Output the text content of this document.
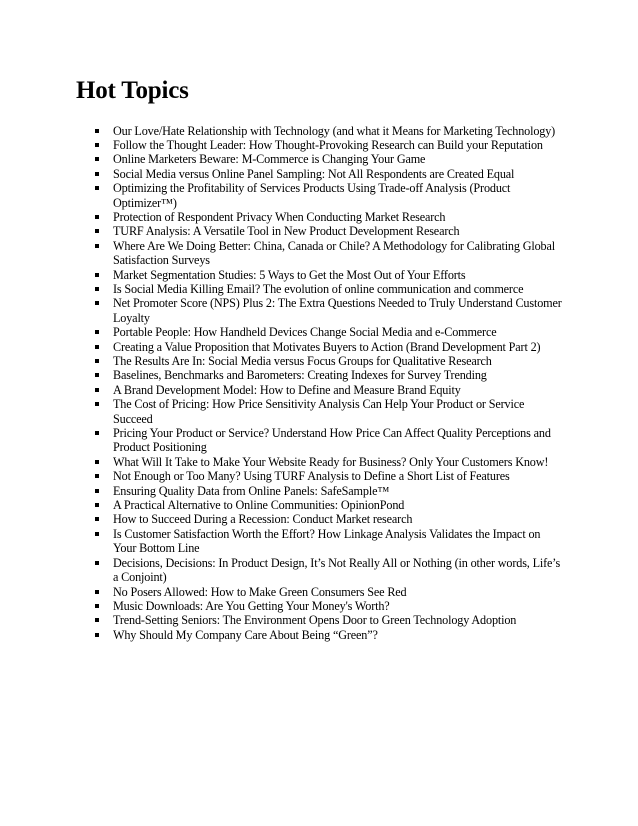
Hot Topics
Our Love/Hate Relationship with Technology (and what it Means for Marketing Technology)
Follow the Thought Leader: How Thought-Provoking Research can Build your Reputation
Online Marketers Beware: M-Commerce is Changing Your Game
Social Media versus Online Panel Sampling: Not All Respondents are Created Equal
Optimizing the Profitability of Services Products Using Trade-off Analysis (Product Optimizer™)
Protection of Respondent Privacy When Conducting Market Research
TURF Analysis: A Versatile Tool in New Product Development Research
Where Are We Doing Better: China, Canada or Chile? A Methodology for Calibrating Global Satisfaction Surveys
Market Segmentation Studies: 5 Ways to Get the Most Out of Your Efforts
Is Social Media Killing Email? The evolution of online communication and commerce
Net Promoter Score (NPS) Plus 2: The Extra Questions Needed to Truly Understand Customer Loyalty
Portable People: How Handheld Devices Change Social Media and e-Commerce
Creating a Value Proposition that Motivates Buyers to Action (Brand Development Part 2)
The Results Are In: Social Media versus Focus Groups for Qualitative Research
Baselines, Benchmarks and Barometers: Creating Indexes for Survey Trending
A Brand Development Model: How to Define and Measure Brand Equity
The Cost of Pricing: How Price Sensitivity Analysis Can Help Your Product or Service Succeed
Pricing Your Product or Service? Understand How Price Can Affect Quality Perceptions and Product Positioning
What Will It Take to Make Your Website Ready for Business? Only Your Customers Know!
Not Enough or Too Many? Using TURF Analysis to Define a Short List of Features
Ensuring Quality Data from Online Panels: SafeSample™
A Practical Alternative to Online Communities: OpinionPond
How to Succeed During a Recession: Conduct Market research
Is Customer Satisfaction Worth the Effort? How Linkage Analysis Validates the Impact on Your Bottom Line
Decisions, Decisions: In Product Design, It’s Not Really All or Nothing (in other words, Life’s a Conjoint)
No Posers Allowed: How to Make Green Consumers See Red
Music Downloads: Are You Getting Your Money's Worth?
Trend-Setting Seniors: The Environment Opens Door to Green Technology Adoption
Why Should My Company Care About Being “Green”?
